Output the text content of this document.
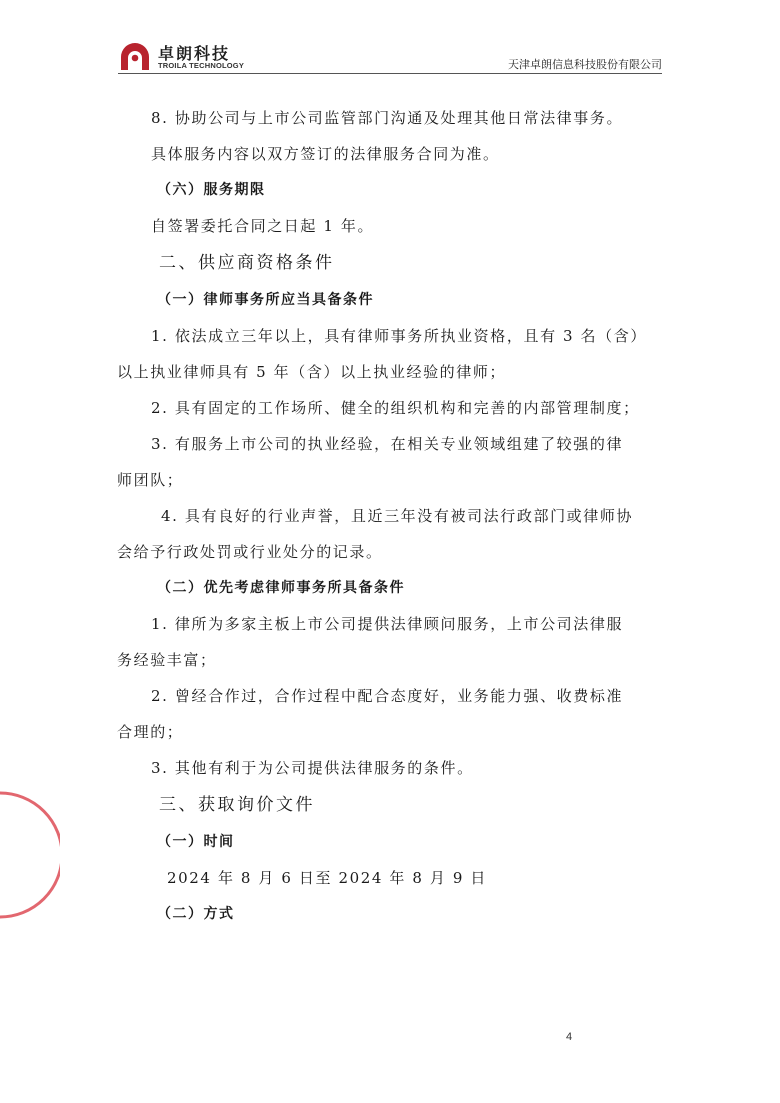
卓朗科技
TROILA TECHNOLOGY	天津卓朗信息科技股份有限公司

8. 协助公司与上市公司监管部门沟通及处理其他日常法律事务。

具体服务内容以双方签订的法律服务合同为准。

（六）服务期限

自签署委托合同之日起 1 年。

二、供应商资格条件

（一）律师事务所应当具备条件

1. 依法成立三年以上，具有律师事务所执业资格，且有 3 名（含）

以上执业律师具有 5 年（含）以上执业经验的律师；

2. 具有固定的工作场所、健全的组织机构和完善的内部管理制度；

3. 有服务上市公司的执业经验，在相关专业领域组建了较强的律

师团队；

4. 具有良好的行业声誉，且近三年没有被司法行政部门或律师协

会给予行政处罚或行业处分的记录。

（二）优先考虑律师事务所具备条件

1. 律所为多家主板上市公司提供法律顾问服务，上市公司法律服

务经验丰富；

2. 曾经合作过，合作过程中配合态度好，业务能力强、收费标准

合理的；

3. 其他有利于为公司提供法律服务的条件。

三、获取询价文件

（一）时间

2024 年 8 月 6 日至 2024 年 8 月 9 日

（二）方式

4
